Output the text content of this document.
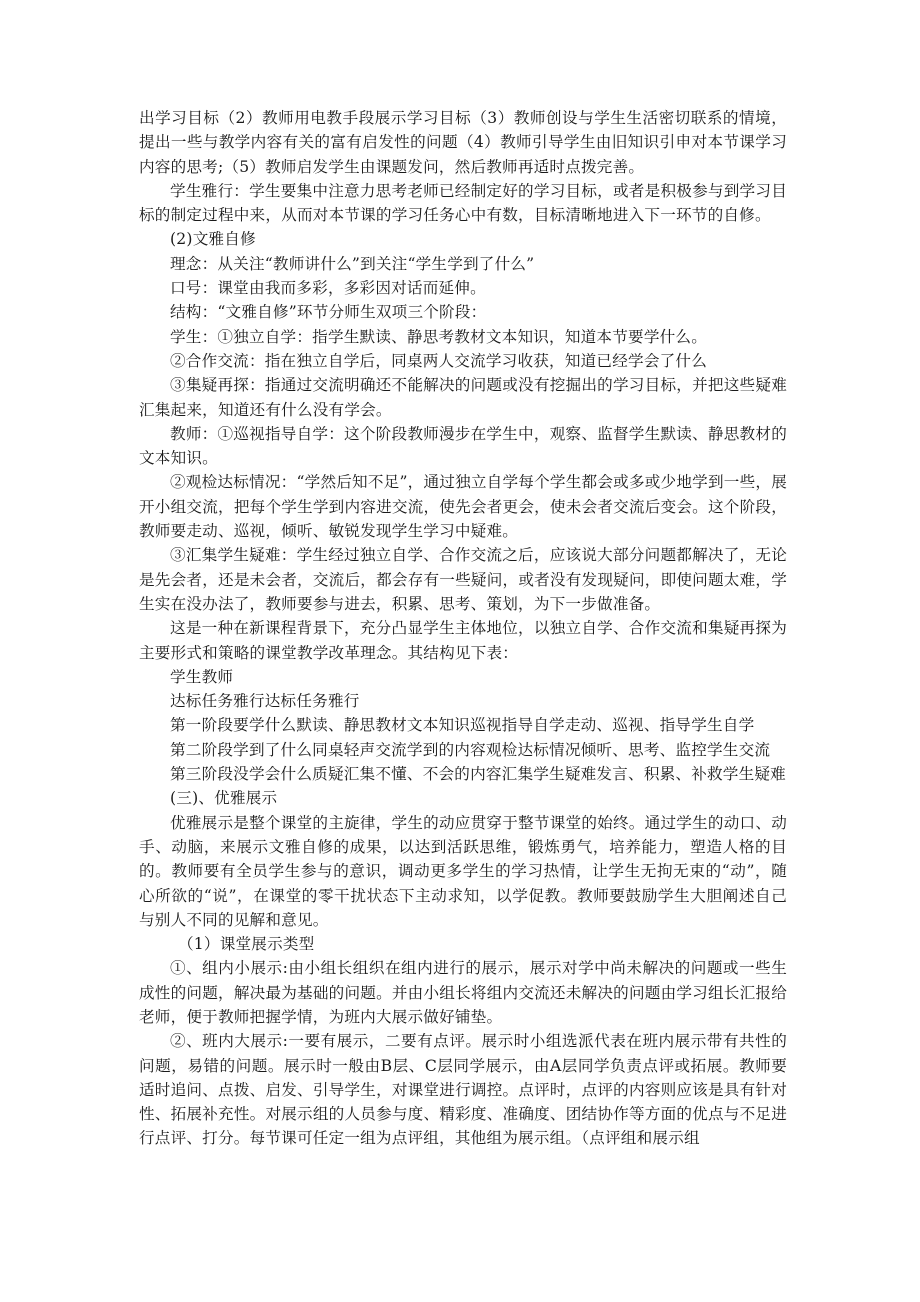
出学习目标（2）教师用电教手段展示学习目标（3）教师创设与学生生活密切联系的情境，提出一些与教学内容有关的富有启发性的问题（4）教师引导学生由旧知识引申对本节课学习内容的思考;（5）教师启发学生由课题发问，然后教师再适时点拨完善。

学生雅行：学生要集中注意力思考老师已经制定好的学习目标，或者是积极参与到学习目标的制定过程中来，从而对本节课的学习任务心中有数，目标清晰地进入下一环节的自修。

(2)文雅自修

理念：从关注“教师讲什么”到关注“学生学到了什么”

口号：课堂由我而多彩，多彩因对话而延伸。

结构：“文雅自修”环节分师生双项三个阶段：

学生：①独立自学：指学生默读、静思考教材文本知识，知道本节要学什么。

②合作交流：指在独立自学后，同桌两人交流学习收获，知道已经学会了什么

③集疑再探：指通过交流明确还不能解决的问题或没有挖掘出的学习目标，并把这些疑难汇集起来，知道还有什么没有学会。

教师：①巡视指导自学：这个阶段教师漫步在学生中，观察、监督学生默读、静思教材的文本知识。

②观检达标情况：“学然后知不足”，通过独立自学每个学生都会或多或少地学到一些，展开小组交流，把每个学生学到内容进交流，使先会者更会，使未会者交流后变会。这个阶段，教师要走动、巡视，倾听、敏锐发现学生学习中疑难。

③汇集学生疑难：学生经过独立自学、合作交流之后，应该说大部分问题都解决了，无论是先会者，还是未会者，交流后，都会存有一些疑问，或者没有发现疑问，即使问题太难，学生实在没办法了，教师要参与进去，积累、思考、策划，为下一步做准备。

这是一种在新课程背景下，充分凸显学生主体地位，以独立自学、合作交流和集疑再探为主要形式和策略的课堂教学改革理念。其结构见下表：

学生教师

达标任务雅行达标任务雅行

第一阶段要学什么默读、静思教材文本知识巡视指导自学走动、巡视、指导学生自学

第二阶段学到了什么同桌轻声交流学到的内容观检达标情况倾听、思考、监控学生交流

第三阶段没学会什么质疑汇集不懂、不会的内容汇集学生疑难发言、积累、补救学生疑难

(三)、优雅展示

优雅展示是整个课堂的主旋律，学生的动应贯穿于整节课堂的始终。通过学生的动口、动手、动脑，来展示文雅自修的成果，以达到活跃思维，锻炼勇气，培养能力，塑造人格的目的。教师要有全员学生参与的意识，调动更多学生的学习热情，让学生无拘无束的“动”，随心所欲的“说”，在课堂的零干扰状态下主动求知，以学促教。教师要鼓励学生大胆阐述自己与别人不同的见解和意见。

（1）课堂展示类型

①、组内小展示:由小组长组织在组内进行的展示，展示对学中尚未解决的问题或一些生成性的问题，解决最为基础的问题。并由小组长将组内交流还未解决的问题由学习组长汇报给老师，便于教师把握学情，为班内大展示做好铺垫。

②、班内大展示:一要有展示，二要有点评。展示时小组选派代表在班内展示带有共性的问题，易错的问题。展示时一般由B层、C层同学展示，由A层同学负责点评或拓展。教师要适时追问、点拨、启发、引导学生，对课堂进行调控。点评时，点评的内容则应该是具有针对性、拓展补充性。对展示组的人员参与度、精彩度、准确度、团结协作等方面的优点与不足进行点评、打分。每节课可任定一组为点评组，其他组为展示组。（点评组和展示组
